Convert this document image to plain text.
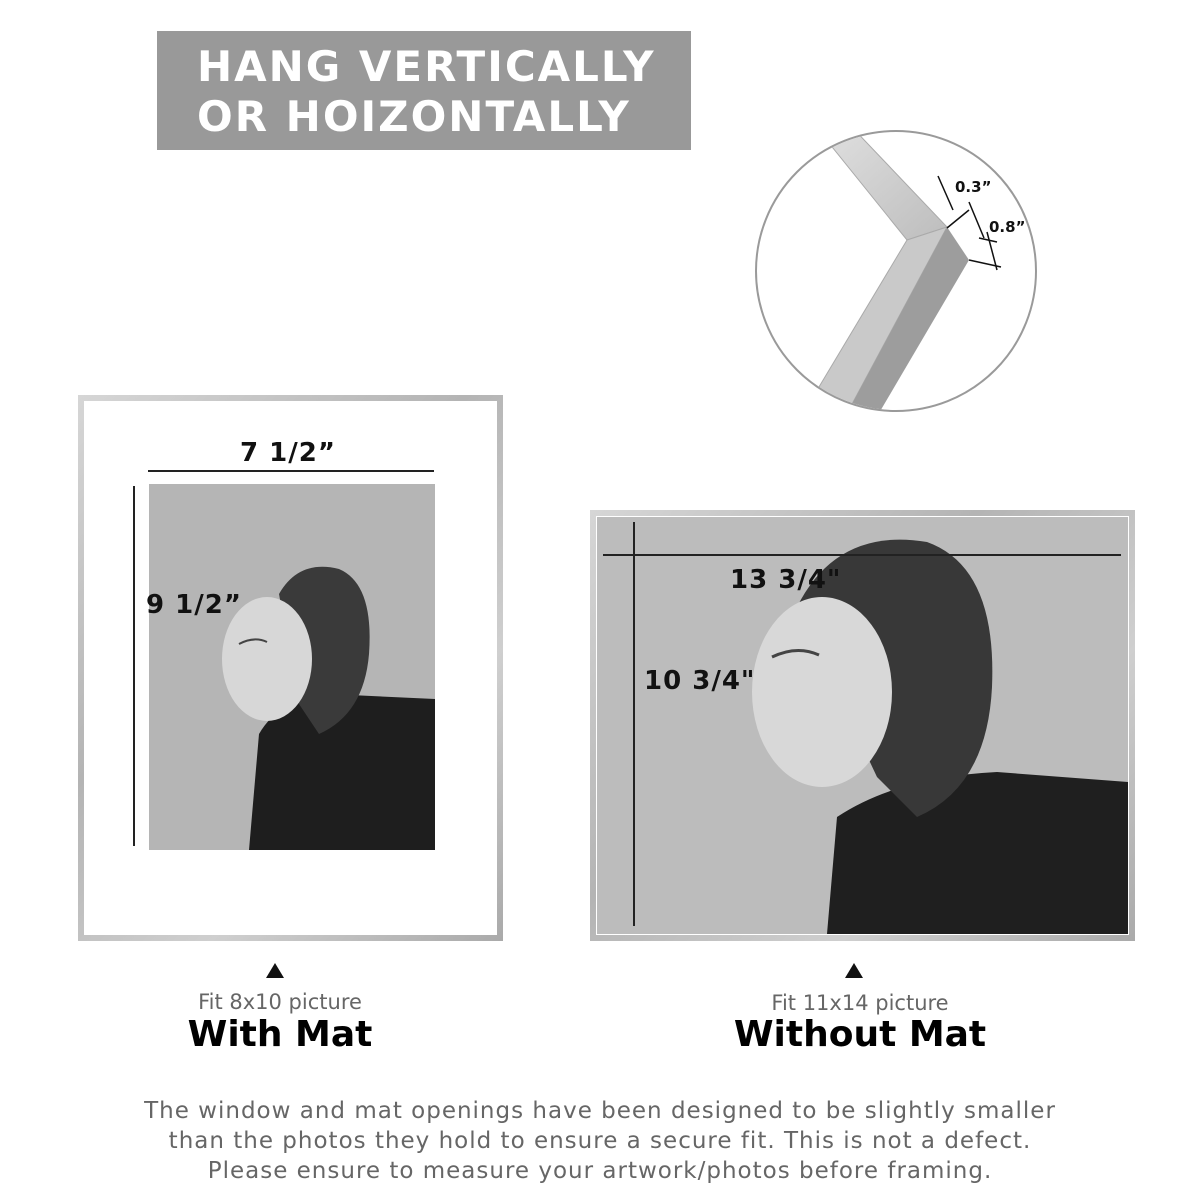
HANG VERTICALLY
OR HOIZONTALLY
0.3”
0.8”
7 1/2”
9 1/2”
13 3/4"
10 3/4"
Fit 8x10 picture
With Mat
Fit 11x14 picture
Without Mat
The window and mat openings have been designed to be slightly smaller
than the photos they hold to ensure a secure fit. This is not a defect.
Please ensure to measure your artwork/photos before framing.
